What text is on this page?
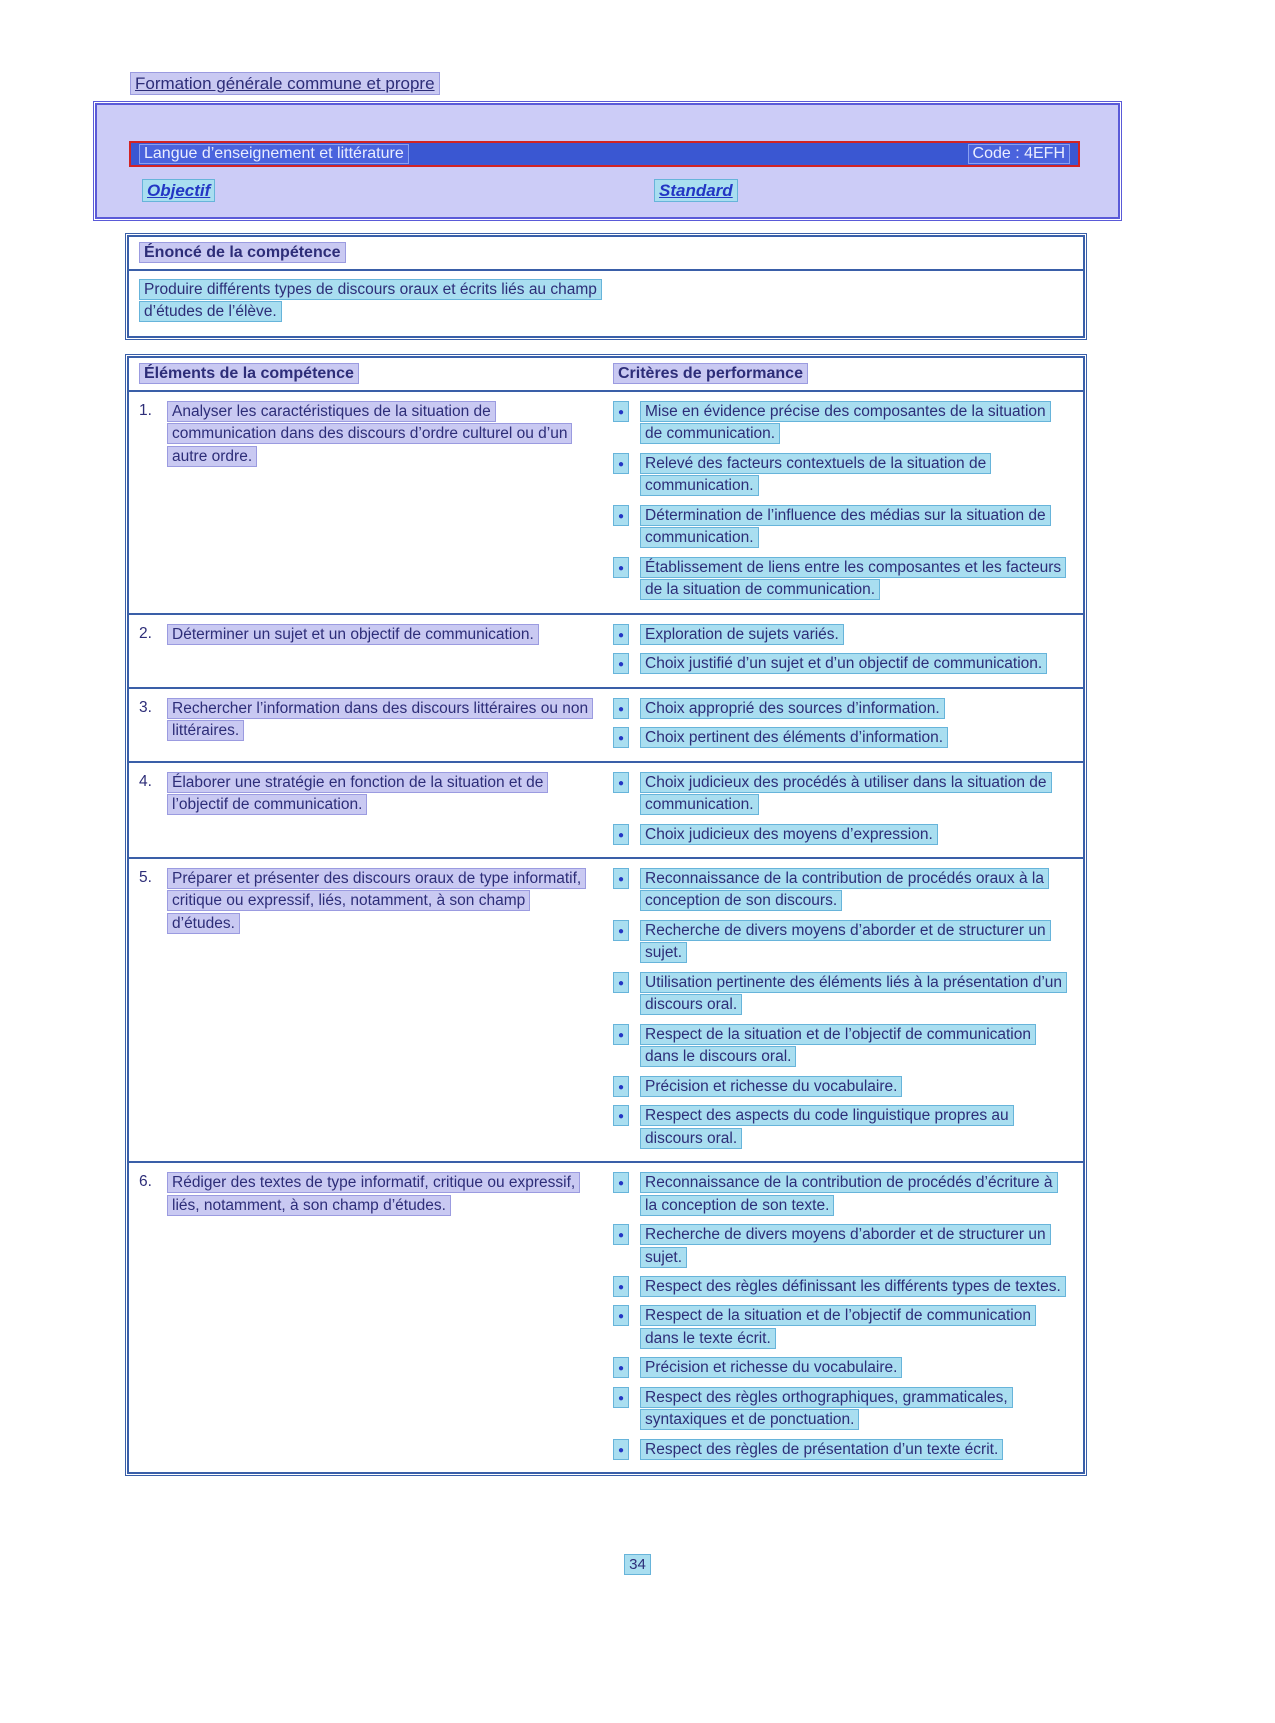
Formation générale commune et propre
Langue d’enseignement et littérature	Code : 4EFH
Objectif	Standard
Énoncé de la compétence
Produire différents types de discours oraux et écrits liés au champ d’études de l’élève.
Éléments de la compétence	Critères de performance
1.	Analyser les caractéristiques de la situation de communication dans des discours d’ordre culturel ou d’un autre ordre.
●	Mise en évidence précise des composantes de la situation de communication.
●	Relevé des facteurs contextuels de la situation de communication.
●	Détermination de l’influence des médias sur la situation de communication.
●	Établissement de liens entre les composantes et les facteurs de la situation de communication.
2.	Déterminer un sujet et un objectif de communication.	●	Exploration de sujets variés.
●	Choix justifié d’un sujet et d’un objectif de communication.
3.	Rechercher l’information dans des discours littéraires ou non littéraires.
●	Choix approprié des sources d’information.
●	Choix pertinent des éléments d’information.
4.	Élaborer une stratégie en fonction de la situation et de l’objectif de communication.
●	Choix judicieux des procédés à utiliser dans la situation de communication.
●	Choix judicieux des moyens d’expression.
5.	Préparer et présenter des discours oraux de type informatif, critique ou expressif, liés, notamment, à son champ d’études.
●	Reconnaissance de la contribution de procédés oraux à la conception de son discours.
●	Recherche de divers moyens d’aborder et de structurer un sujet.
●	Utilisation pertinente des éléments liés à la présentation d’un discours oral.
●	Respect de la situation et de l’objectif de communication dans le discours oral.
●	Précision et richesse du vocabulaire.
●	Respect des aspects du code linguistique propres au discours oral.
6.	Rédiger des textes de type informatif, critique ou expressif, liés, notamment, à son champ d’études.
●	Reconnaissance de la contribution de procédés d’écriture à la conception de son texte.
●	Recherche de divers moyens d’aborder et de structurer un sujet.
●	Respect des règles définissant les différents types de textes.
●	Respect de la situation et de l’objectif de communication dans le texte écrit.
●	Précision et richesse du vocabulaire.
●	Respect des règles orthographiques, grammaticales, syntaxiques et de ponctuation.
●	Respect des règles de présentation d’un texte écrit.
34
